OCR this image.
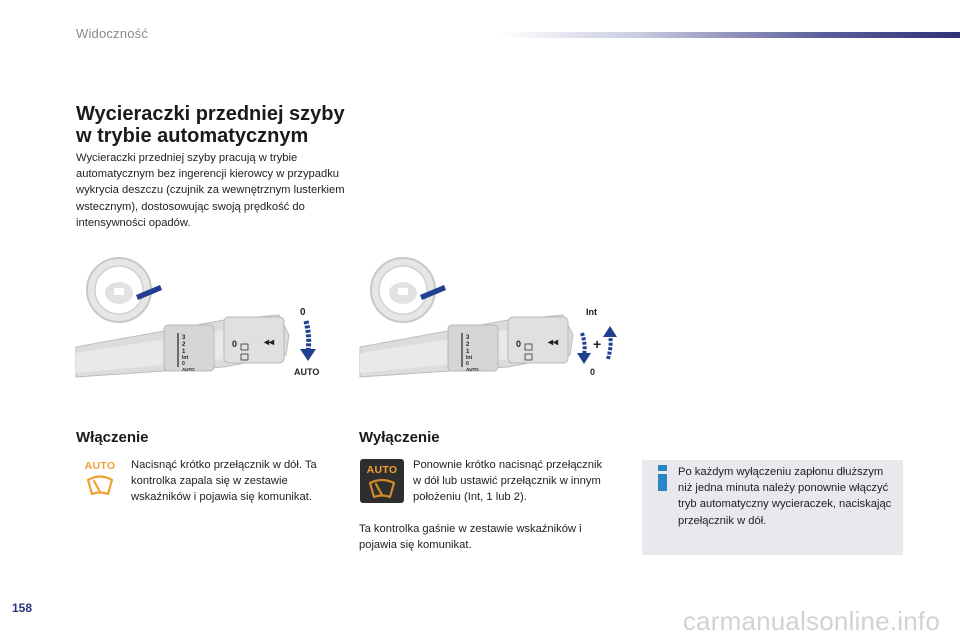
Widoczność
Wycieraczki przedniej szyby
w trybie automatycznym

Wycieraczki przedniej szyby pracują w trybie automatycznym bez ingerencji kierowcy w przypadku wykrycia deszczu (czujnik za wewnętrznym lusterkiem wstecznym), dostosowując swoją prędkość do intensywności opadów.

3
2
1
Int
0
AUTO
0	◂◂
0
AUTO
3
2
1
Int
0
AUTO
0	◂◂
Int
+
0
Włączenie
AUTO	Nacisnąć krótko przełącznik w dół. Ta kontrolka zapala się w zestawie wskaźników i pojawia się komunikat.

Wyłączenie
AUTO	Ponownie krótko nacisnąć przełącznik w dół lub ustawić przełącznik w innym położeniu (Int, 1 lub 2).

Ta kontrolka gaśnie w zestawie wskaźników i pojawia się komunikat.

Po każdym wyłączeniu zapłonu dłuższym niż jedna minuta należy ponownie włączyć tryb automatyczny wycieraczek, naciskając przełącznik w dół.

158	carmanualsonline.info
